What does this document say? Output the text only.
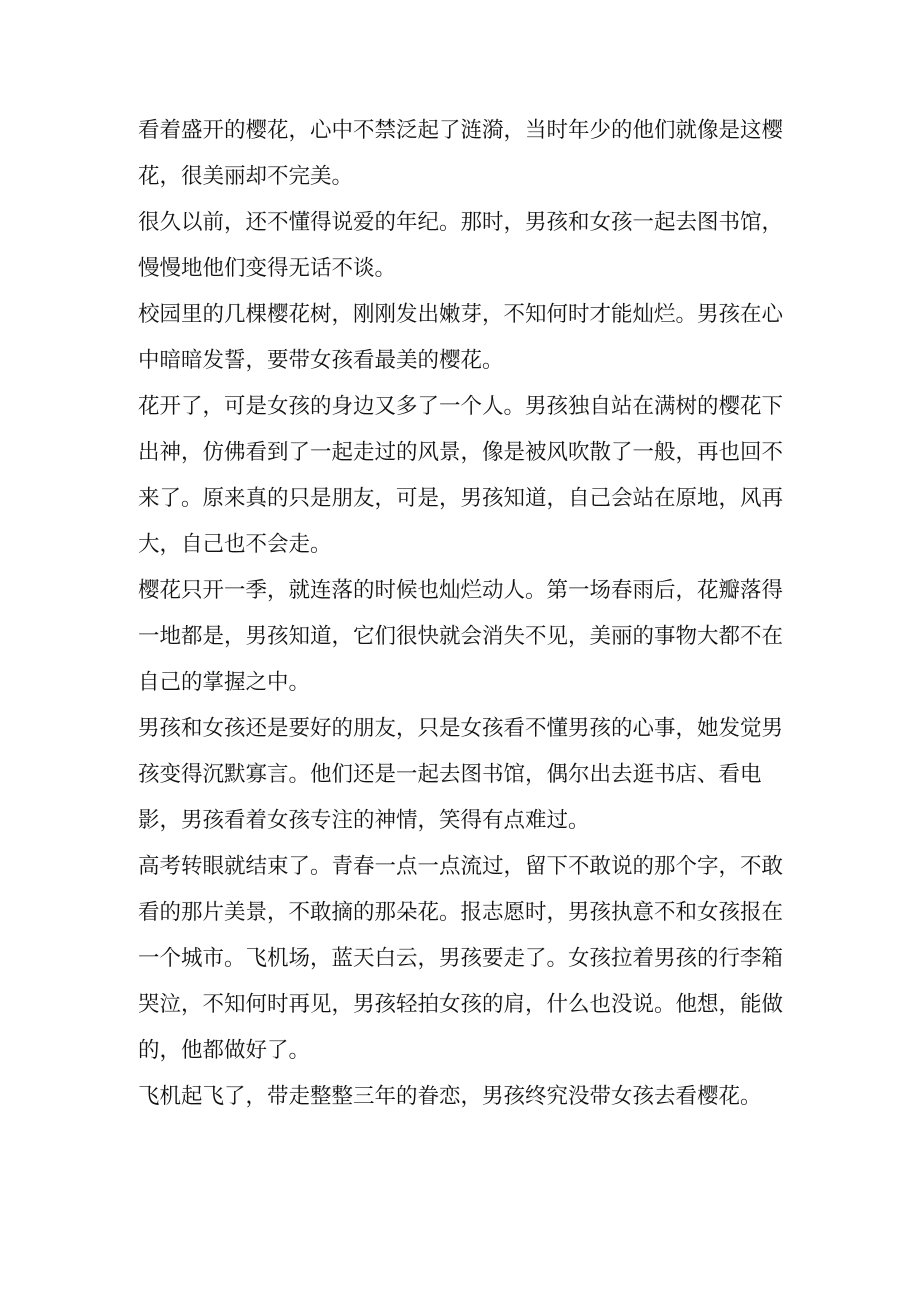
看着盛开的樱花，心中不禁泛起了涟漪，当时年少的他们就像是这樱花，很美丽却不完美。

很久以前，还不懂得说爱的年纪。那时，男孩和女孩一起去图书馆，慢慢地他们变得无话不谈。

校园里的几棵樱花树，刚刚发出嫩芽，不知何时才能灿烂。男孩在心中暗暗发誓，要带女孩看最美的樱花。

花开了，可是女孩的身边又多了一个人。男孩独自站在满树的樱花下出神，仿佛看到了一起走过的风景，像是被风吹散了一般，再也回不来了。原来真的只是朋友，可是，男孩知道，自己会站在原地，风再大，自己也不会走。

樱花只开一季，就连落的时候也灿烂动人。第一场春雨后，花瓣落得一地都是，男孩知道，它们很快就会消失不见，美丽的事物大都不在自己的掌握之中。

男孩和女孩还是要好的朋友，只是女孩看不懂男孩的心事，她发觉男孩变得沉默寡言。他们还是一起去图书馆，偶尔出去逛书店、看电影，男孩看着女孩专注的神情，笑得有点难过。

高考转眼就结束了。青春一点一点流过，留下不敢说的那个字，不敢看的那片美景，不敢摘的那朵花。报志愿时，男孩执意不和女孩报在一个城市。飞机场，蓝天白云，男孩要走了。女孩拉着男孩的行李箱哭泣，不知何时再见，男孩轻拍女孩的肩，什么也没说。他想，能做的，他都做好了。

飞机起飞了，带走整整三年的眷恋，男孩终究没带女孩去看樱花。
